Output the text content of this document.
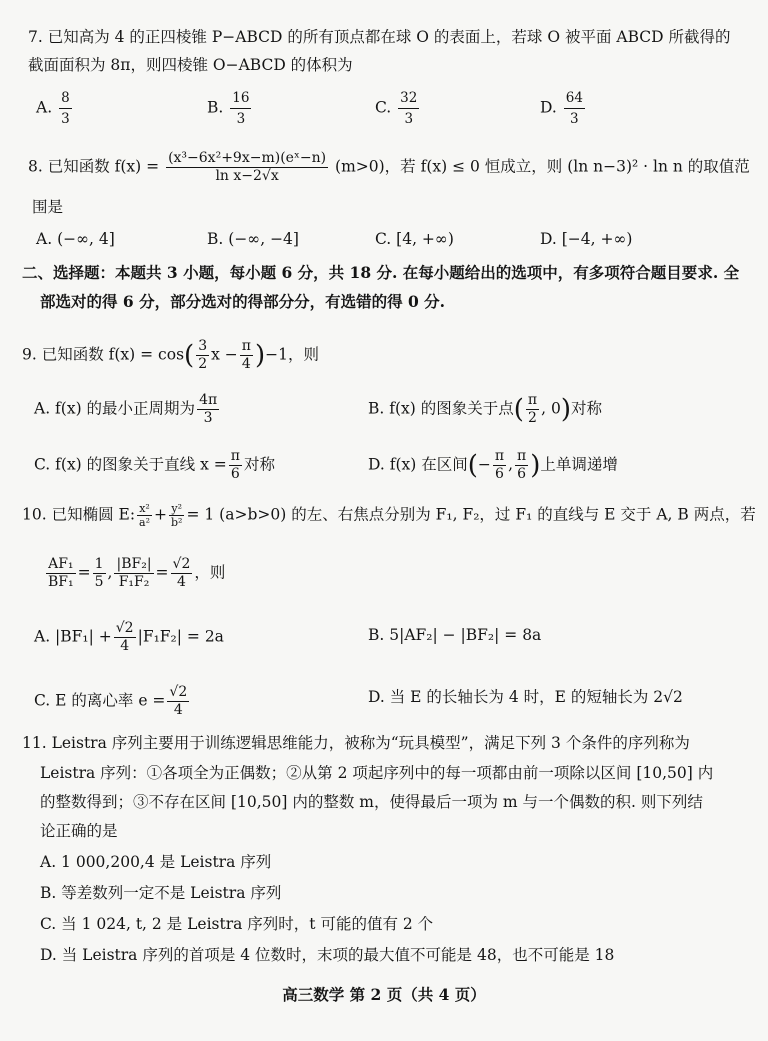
7. 已知高为 4 的正四棱锥 P−ABCD 的所有顶点都在球 O 的表面上，若球 O 被平面 ABCD 所截得的
截面面积为 8π，则四棱锥 O−ABCD 的体积为
A. $\frac{8}{3}$	B. $\frac{16}{3}$	C. $\frac{32}{3}$	D. $\frac{64}{3}$
8. 已知函数 $f(x) = \frac{\text{(x³−6x²+9x−m)(eˣ−n)}}{\text{ln x−2√x}} (m>0)$，若 f(x) ≤ 0 恒成立，则 (ln n−3)² · ln n 的取值范
围是
A. (−∞, 4]	B. (−∞, −4]	C. [4, +∞)	D. [−4, +∞)
二、选择题：本题共 3 小题，每小题 6 分，共 18 分. 在每小题给出的选项中，有多项符合题目要求. 全
部选对的得 6 分，部分选对的得部分分，有选错的得 0 分.
9. 已知函数 $f(x) = \cos( \frac{3}{2}$ $x - \frac{\pi}{4} )-1$，则
A. f(x) 的最小正周期为 $\frac{4\pi}{3}$	B. f(x) 的图象关于点( $\frac{\pi}{2}$ , 0)对称
C. f(x) 的图象关于直线 $x = \frac{\pi}{6}$ 对称	D. f(x) 在区间(− $\frac{\pi}{6}$ , $\frac{\pi}{6}$ )上单调递增
10. 已知椭圆 E: $\frac{\text{x²}}{\text{a²}} + \frac{\text{y²}}{\text{b²}} = 1$ (a>b>0) 的左、右焦点分别为 F₁, F₂，过 F₁ 的直线与 E 交于 A, B 两点，若
$\frac{\text{AF₁}}{\text{BF₁}} = \frac{1}{5}$ , $\frac{\text{|BF₂|}}{\text{F₁F₂}} = \frac{√2}{4}$ ，则
A. $|BF_1| + \frac{√2}{4} |F_1F_2| = 2a$	B. 5|AF₂| − |BF₂| = 8a
C. E 的离心率 $e = \frac{√2}{4}$	D. 当 E 的长轴长为 4 时，E 的短轴长为 2√2
11. Leistra 序列主要用于训练逻辑思维能力，被称为“玩具模型”，满足下列 3 个条件的序列称为
Leistra 序列：①各项全为正偶数；②从第 2 项起序列中的每一项都由前一项除以区间 [10,50] 内
的整数得到；③不存在区间 [10,50] 内的整数 m，使得最后一项为 m 与一个偶数的积. 则下列结
论正确的是
A. 1 000,200,4 是 Leistra 序列
B. 等差数列一定不是 Leistra 序列
C. 当 1 024, t, 2 是 Leistra 序列时，t 可能的值有 2 个
D. 当 Leistra 序列的首项是 4 位数时，末项的最大值不可能是 48，也不可能是 18
高三数学 第 2 页（共 4 页）
